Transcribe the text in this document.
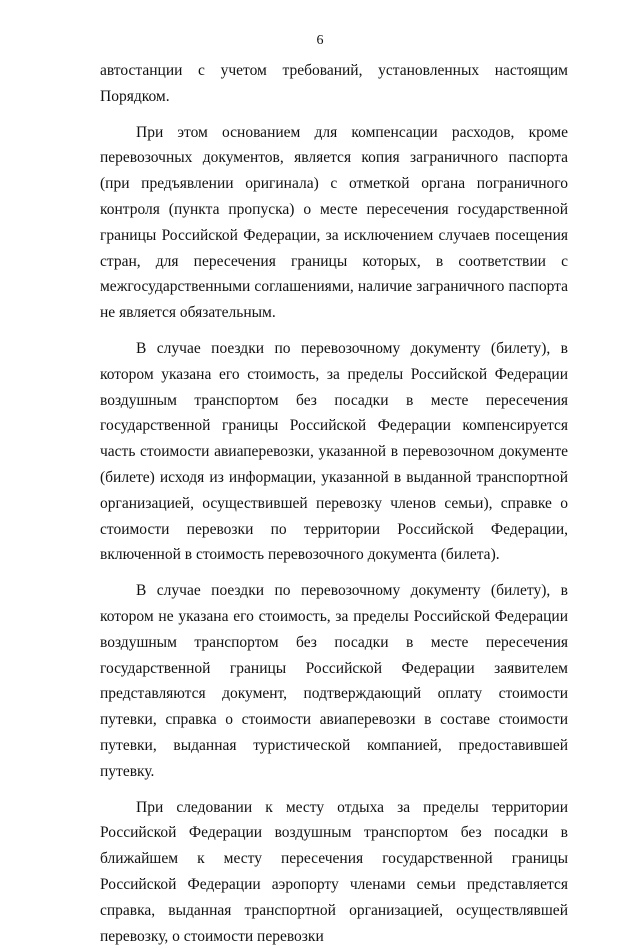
6

автостанции с учетом требований, установленных настоящим Порядком.

При этом основанием для компенсации расходов, кроме перевозочных документов, является копия заграничного паспорта (при предъявлении оригинала) с отметкой органа пограничного контроля (пункта пропуска) о месте пересечения государственной границы Российской Федерации, за исключением случаев посещения стран, для пересечения границы которых, в соответствии с межгосударственными соглашениями, наличие заграничного паспорта не является обязательным.

В случае поездки по перевозочному документу (билету), в котором указана его стоимость, за пределы Российской Федерации воздушным транспортом без посадки в месте пересечения государственной границы Российской Федерации компенсируется часть стоимости авиаперевозки, указанной в перевозочном документе (билете) исходя из информации, указанной в выданной транспортной организацией, осуществившей перевозку членов семьи), справке о стоимости перевозки по территории Российской Федерации, включенной в стоимость перевозочного документа (билета).

В случае поездки по перевозочному документу (билету), в котором не указана его стоимость, за пределы Российской Федерации воздушным транспортом без посадки в месте пересечения государственной границы Российской Федерации заявителем представляются документ, подтверждающий оплату стоимости путевки, справка о стоимости авиаперевозки в составе стоимости путевки, выданная туристической компанией, предоставившей путевку.

При следовании к месту отдыха за пределы территории Российской Федерации воздушным транспортом без посадки в ближайшем к месту пересечения государственной границы Российской Федерации аэропорту членами семьи представляется справка, выданная транспортной организацией, осуществлявшей перевозку, о стоимости перевозки
